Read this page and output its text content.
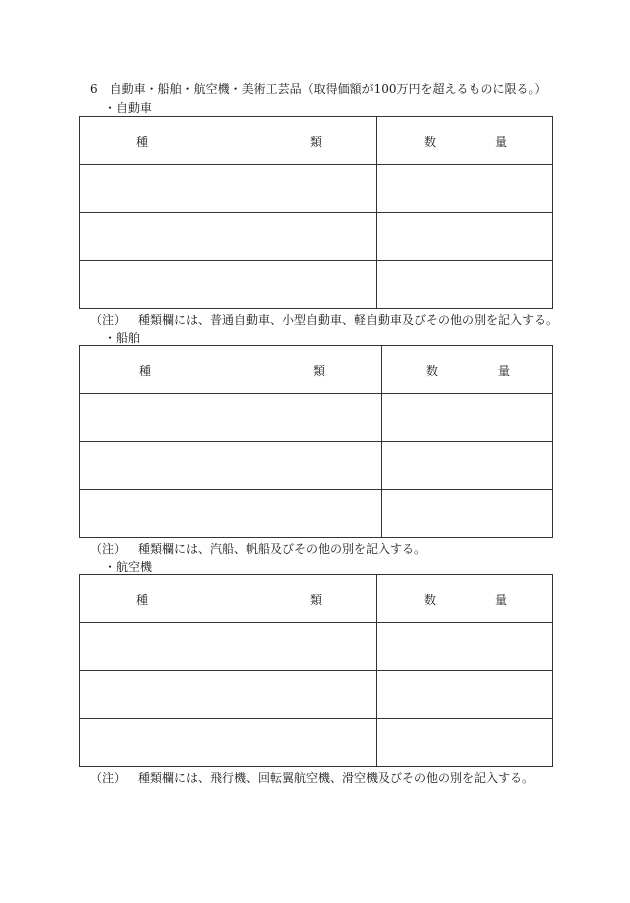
6 自動車・船舶・航空機・美術工芸品（取得価額が100万円を超えるものに限る。）
・自動車
種 類	数 量

（注） 種類欄には、普通自動車、小型自動車、軽自動車及びその他の別を記入する。
・船舶
種 類	数 量

（注） 種類欄には、汽船、帆船及びその他の別を記入する。
・航空機
種 類	数 量

（注） 種類欄には、飛行機、回転翼航空機、滑空機及びその他の別を記入する。
